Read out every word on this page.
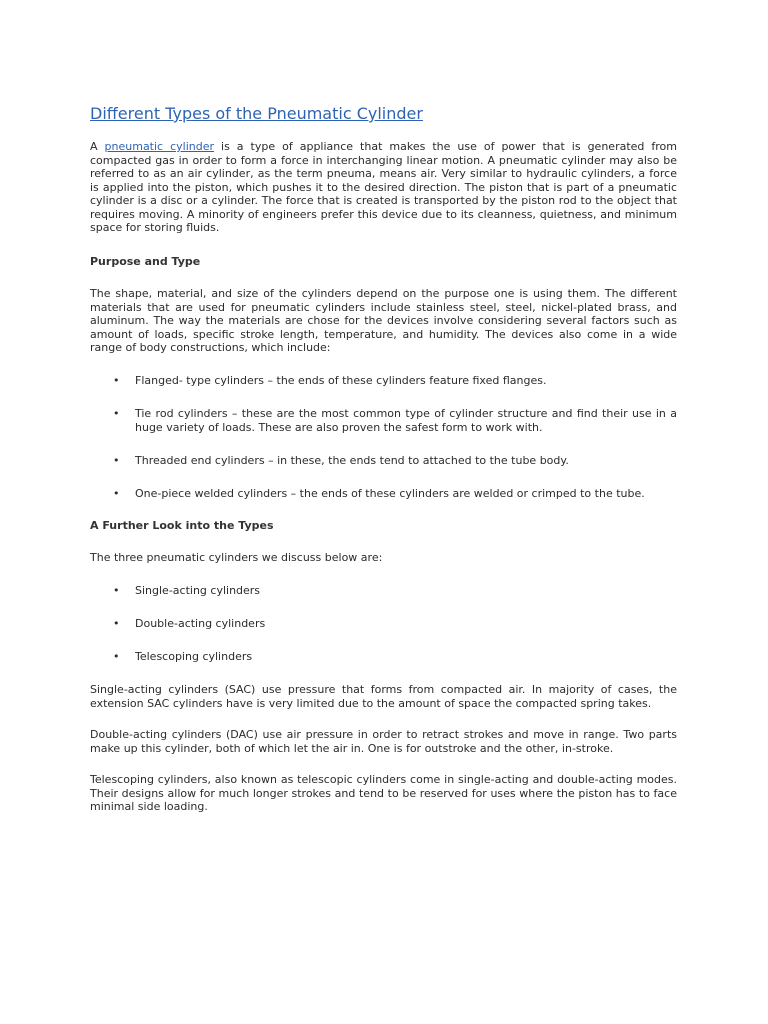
Different Types of the Pneumatic Cylinder

A pneumatic cylinder is a type of appliance that makes the use of power that is generated from compacted gas in order to form a force in interchanging linear motion. A pneumatic cylinder may also be referred to as an air cylinder, as the term pneuma, means air. Very similar to hydraulic cylinders, a force is applied into the piston, which pushes it to the desired direction. The piston that is part of a pneumatic cylinder is a disc or a cylinder. The force that is created is transported by the piston rod to the object that requires moving. A minority of engineers prefer this device due to its cleanness, quietness, and minimum space for storing fluids.

Purpose and Type

The shape, material, and size of the cylinders depend on the purpose one is using them. The different materials that are used for pneumatic cylinders include stainless steel, steel, nickel-plated brass, and aluminum. The way the materials are chose for the devices involve considering several factors such as amount of loads, specific stroke length, temperature, and humidity. The devices also come in a wide range of body constructions, which include:

• Flanged- type cylinders – the ends of these cylinders feature fixed flanges.
• Tie rod cylinders – these are the most common type of cylinder structure and find their use in a huge variety of loads. These are also proven the safest form to work with.
• Threaded end cylinders – in these, the ends tend to attached to the tube body.
• One-piece welded cylinders – the ends of these cylinders are welded or crimped to the tube.
A Further Look into the Types

The three pneumatic cylinders we discuss below are:

• Single-acting cylinders
• Double-acting cylinders
• Telescoping cylinders

Single-acting cylinders (SAC) use pressure that forms from compacted air. In majority of cases, the extension SAC cylinders have is very limited due to the amount of space the compacted spring takes.

Double-acting cylinders (DAC) use air pressure in order to retract strokes and move in range. Two parts make up this cylinder, both of which let the air in. One is for outstroke and the other, in-stroke.

Telescoping cylinders, also known as telescopic cylinders come in single-acting and double-acting modes. Their designs allow for much longer strokes and tend to be reserved for uses where the piston has to face minimal side loading.
